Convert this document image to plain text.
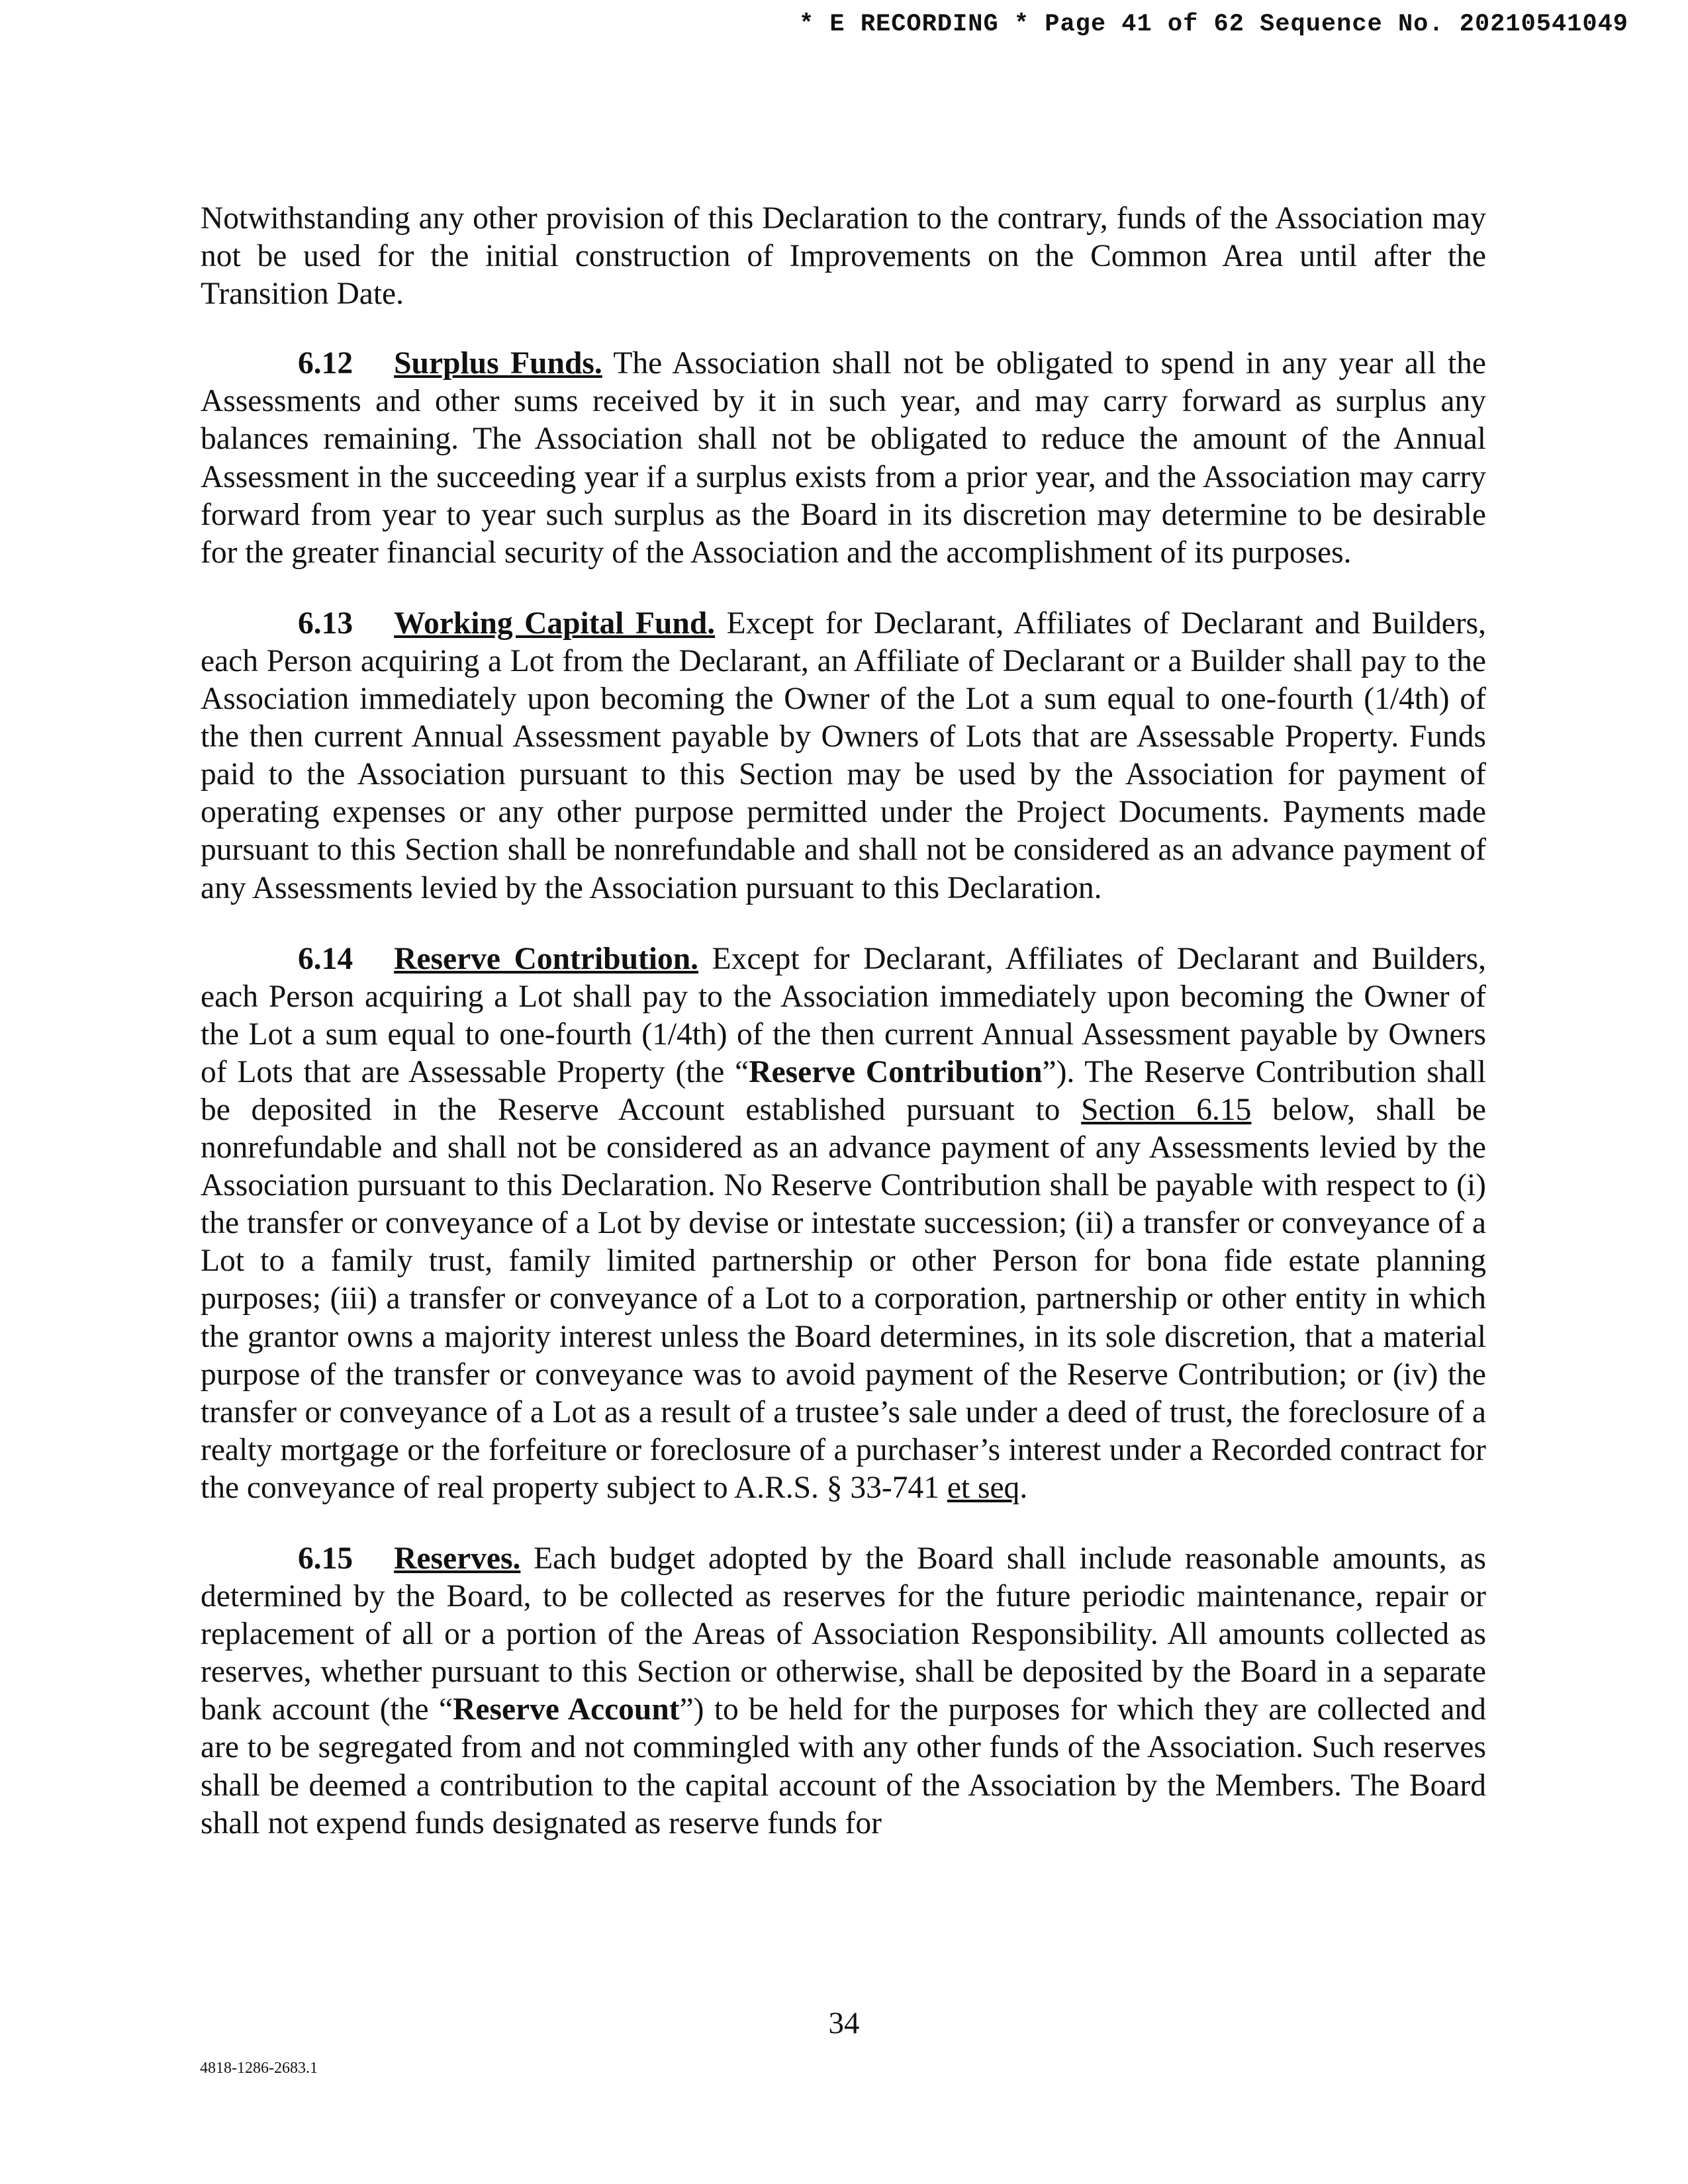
* E RECORDING * Page 41 of 62 Sequence No. 20210541049

Notwithstanding any other provision of this Declaration to the contrary, funds of the Association may not be used for the initial construction of Improvements on the Common Area until after the Transition Date.

6.12 Surplus Funds. The Association shall not be obligated to spend in any year all the Assessments and other sums received by it in such year, and may carry forward as surplus any balances remaining. The Association shall not be obligated to reduce the amount of the Annual Assessment in the succeeding year if a surplus exists from a prior year, and the Association may carry forward from year to year such surplus as the Board in its discretion may determine to be desirable for the greater financial security of the Association and the accomplishment of its purposes.

6.13 Working Capital Fund. Except for Declarant, Affiliates of Declarant and Builders, each Person acquiring a Lot from the Declarant, an Affiliate of Declarant or a Builder shall pay to the Association immediately upon becoming the Owner of the Lot a sum equal to one-fourth (1/4th) of the then current Annual Assessment payable by Owners of Lots that are Assessable Property. Funds paid to the Association pursuant to this Section may be used by the Association for payment of operating expenses or any other purpose permitted under the Project Documents. Payments made pursuant to this Section shall be nonrefundable and shall not be considered as an advance payment of any Assessments levied by the Association pursuant to this Declaration.

6.14 Reserve Contribution. Except for Declarant, Affiliates of Declarant and Builders, each Person acquiring a Lot shall pay to the Association immediately upon becoming the Owner of the Lot a sum equal to one-fourth (1/4th) of the then current Annual Assessment payable by Owners of Lots that are Assessable Property (the “Reserve Contribution”). The Reserve Contribution shall be deposited in the Reserve Account established pursuant to Section 6.15 below, shall be nonrefundable and shall not be considered as an advance payment of any Assessments levied by the Association pursuant to this Declaration. No Reserve Contribution shall be payable with respect to (i) the transfer or conveyance of a Lot by devise or intestate succession; (ii) a transfer or conveyance of a Lot to a family trust, family limited partnership or other Person for bona fide estate planning purposes; (iii) a transfer or conveyance of a Lot to a corporation, partnership or other entity in which the grantor owns a majority interest unless the Board determines, in its sole discretion, that a material purpose of the transfer or conveyance was to avoid payment of the Reserve Contribution; or (iv) the transfer or conveyance of a Lot as a result of a trustee’s sale under a deed of trust, the foreclosure of a realty mortgage or the forfeiture or foreclosure of a purchaser’s interest under a Recorded contract for the conveyance of real property subject to A.R.S. § 33-741 et seq.

6.15 Reserves. Each budget adopted by the Board shall include reasonable amounts, as determined by the Board, to be collected as reserves for the future periodic maintenance, repair or replacement of all or a portion of the Areas of Association Responsibility. All amounts collected as reserves, whether pursuant to this Section or otherwise, shall be deposited by the Board in a separate bank account (the “Reserve Account”) to be held for the purposes for which they are collected and are to be segregated from and not commingled with any other funds of the Association. Such reserves shall be deemed a contribution to the capital account of the Association by the Members. The Board shall not expend funds designated as reserve funds for

34
4818-1286-2683.1
